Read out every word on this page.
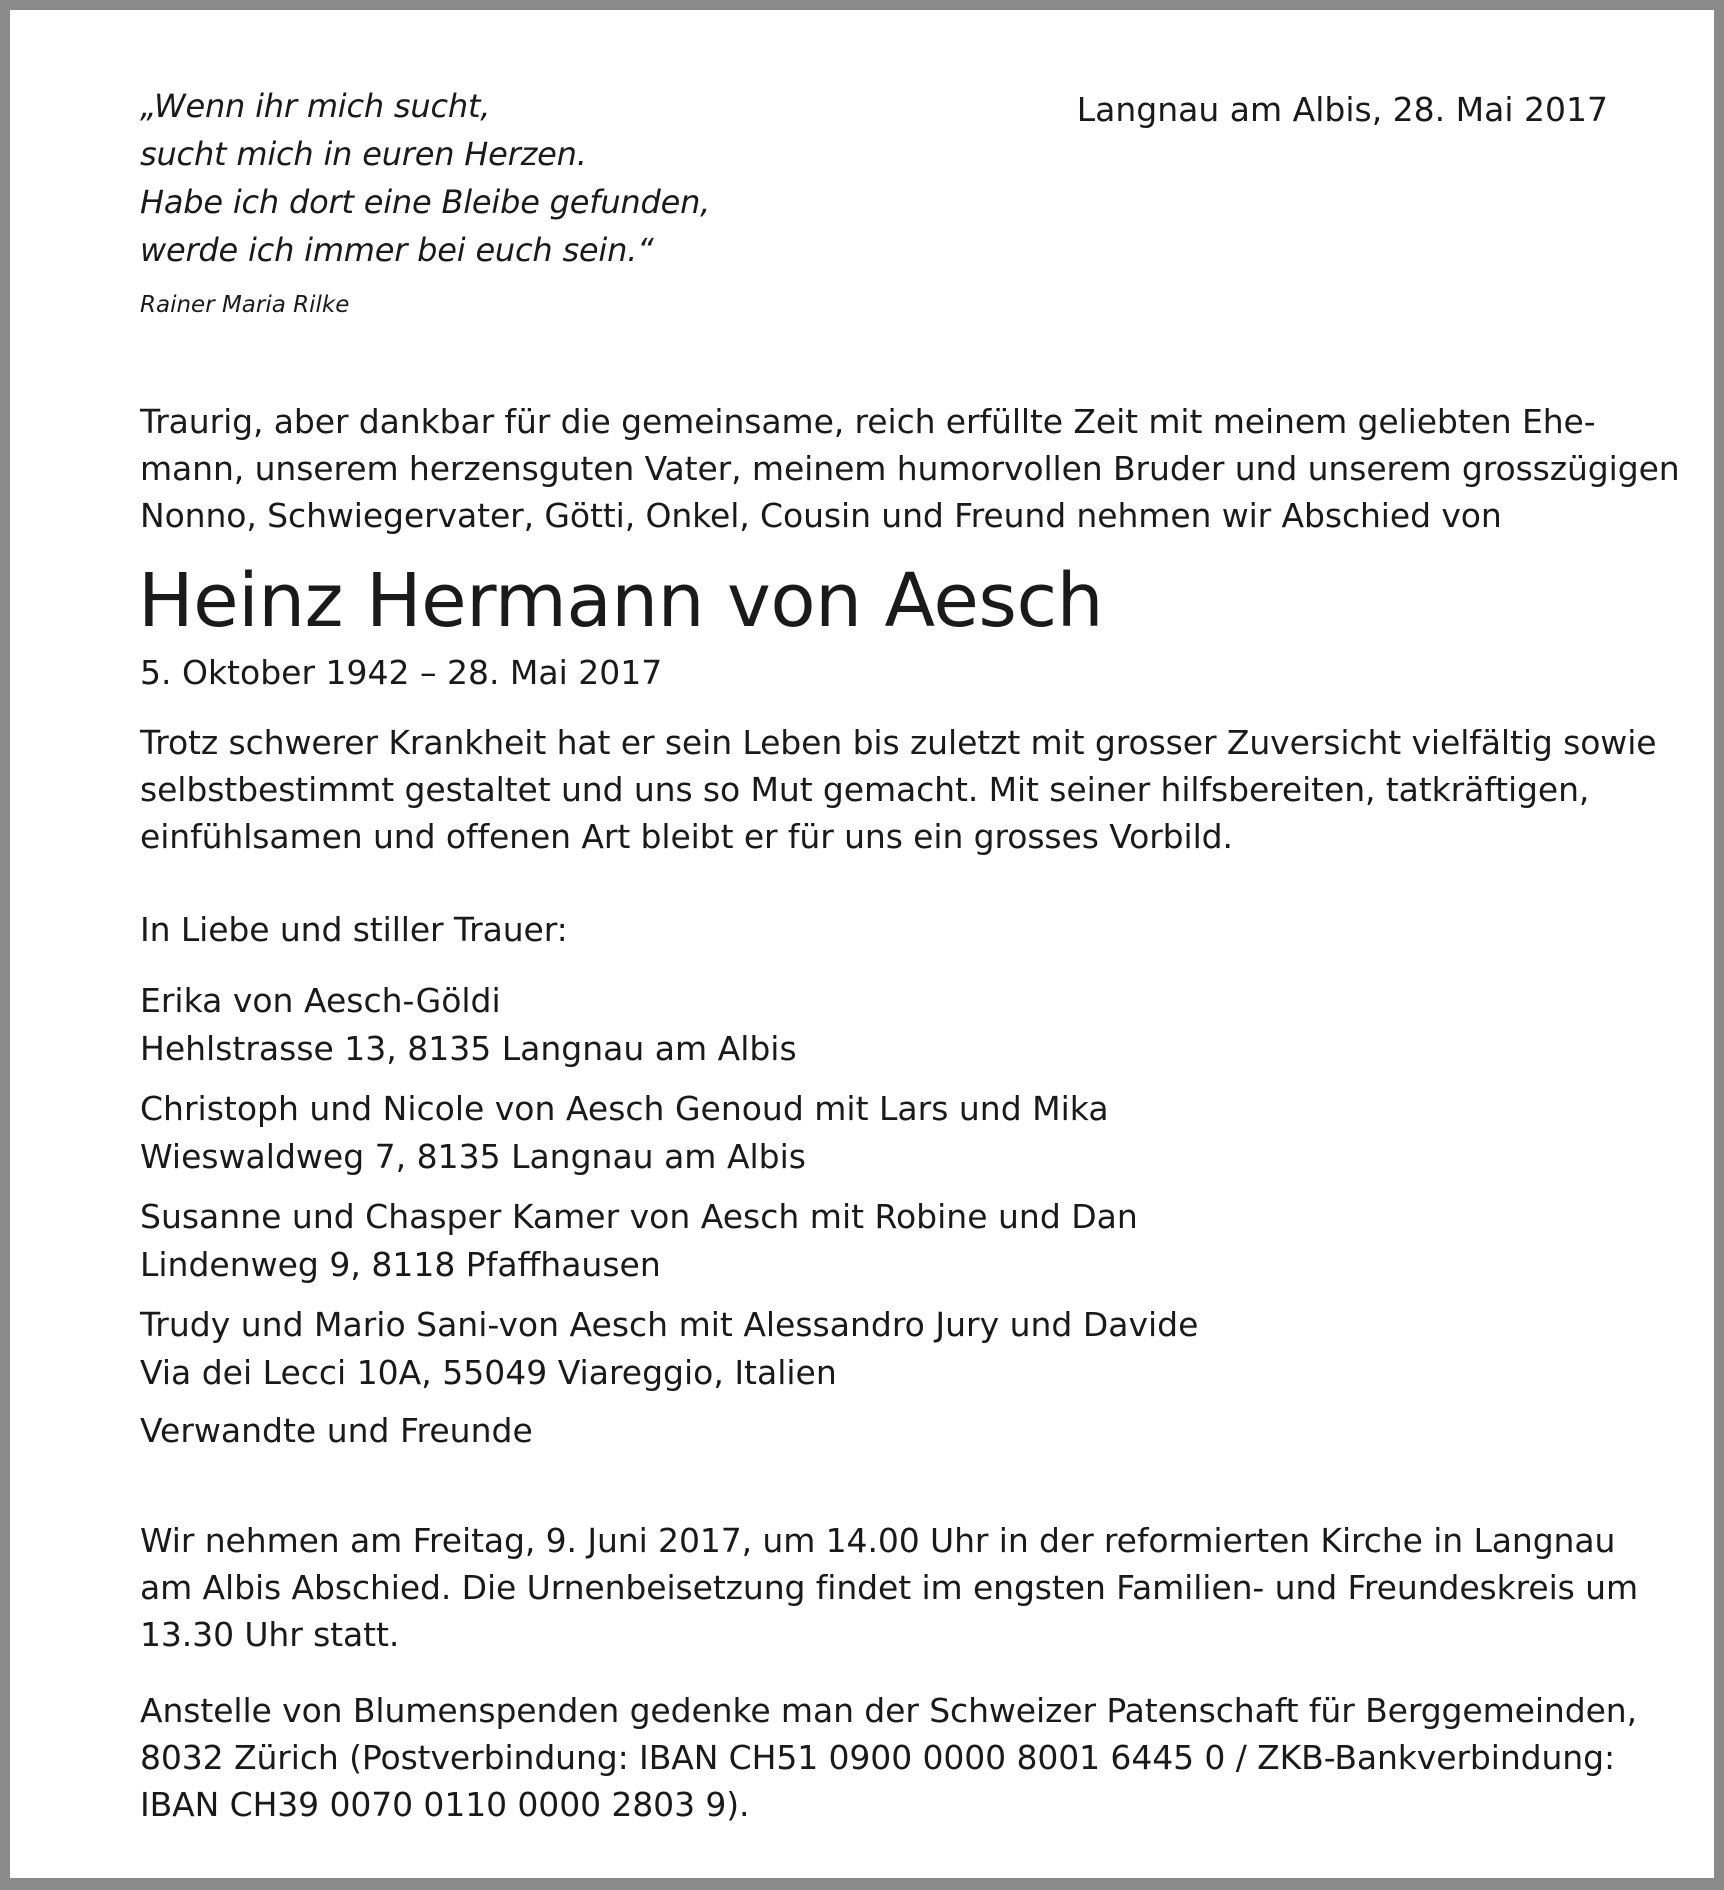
„Wenn ihr mich sucht,
sucht mich in euren Herzen.
Habe ich dort eine Bleibe gefunden,
werde ich immer bei euch sein.“
Rainer Maria Rilke
Langnau am Albis, 28. Mai 2017
Traurig, aber dankbar für die gemeinsame, reich erfüllte Zeit mit meinem geliebten Ehe-
mann, unserem herzensguten Vater, meinem humorvollen Bruder und unserem grosszügigen
Nonno, Schwiegervater, Götti, Onkel, Cousin und Freund nehmen wir Abschied von
Heinz Hermann von Aesch
5. Oktober 1942 – 28. Mai 2017
Trotz schwerer Krankheit hat er sein Leben bis zuletzt mit grosser Zuversicht vielfältig sowie
selbstbestimmt gestaltet und uns so Mut gemacht. Mit seiner hilfsbereiten, tatkräftigen,
einfühlsamen und offenen Art bleibt er für uns ein grosses Vorbild.
In Liebe und stiller Trauer:
Erika von Aesch-Göldi
Hehlstrasse 13, 8135 Langnau am Albis
Christoph und Nicole von Aesch Genoud mit Lars und Mika
Wieswaldweg 7, 8135 Langnau am Albis
Susanne und Chasper Kamer von Aesch mit Robine und Dan
Lindenweg 9, 8118 Pfaffhausen
Trudy und Mario Sani-von Aesch mit Alessandro Jury und Davide
Via dei Lecci 10A, 55049 Viareggio, Italien
Verwandte und Freunde
Wir nehmen am Freitag, 9. Juni 2017, um 14.00 Uhr in der reformierten Kirche in Langnau
am Albis Abschied. Die Urnenbeisetzung findet im engsten Familien- und Freundeskreis um
13.30 Uhr statt.
Anstelle von Blumenspenden gedenke man der Schweizer Patenschaft für Berggemeinden,
8032 Zürich (Postverbindung: IBAN CH51 0900 0000 8001 6445 0 / ZKB-Bankverbindung:
IBAN CH39 0070 0110 0000 2803 9).
